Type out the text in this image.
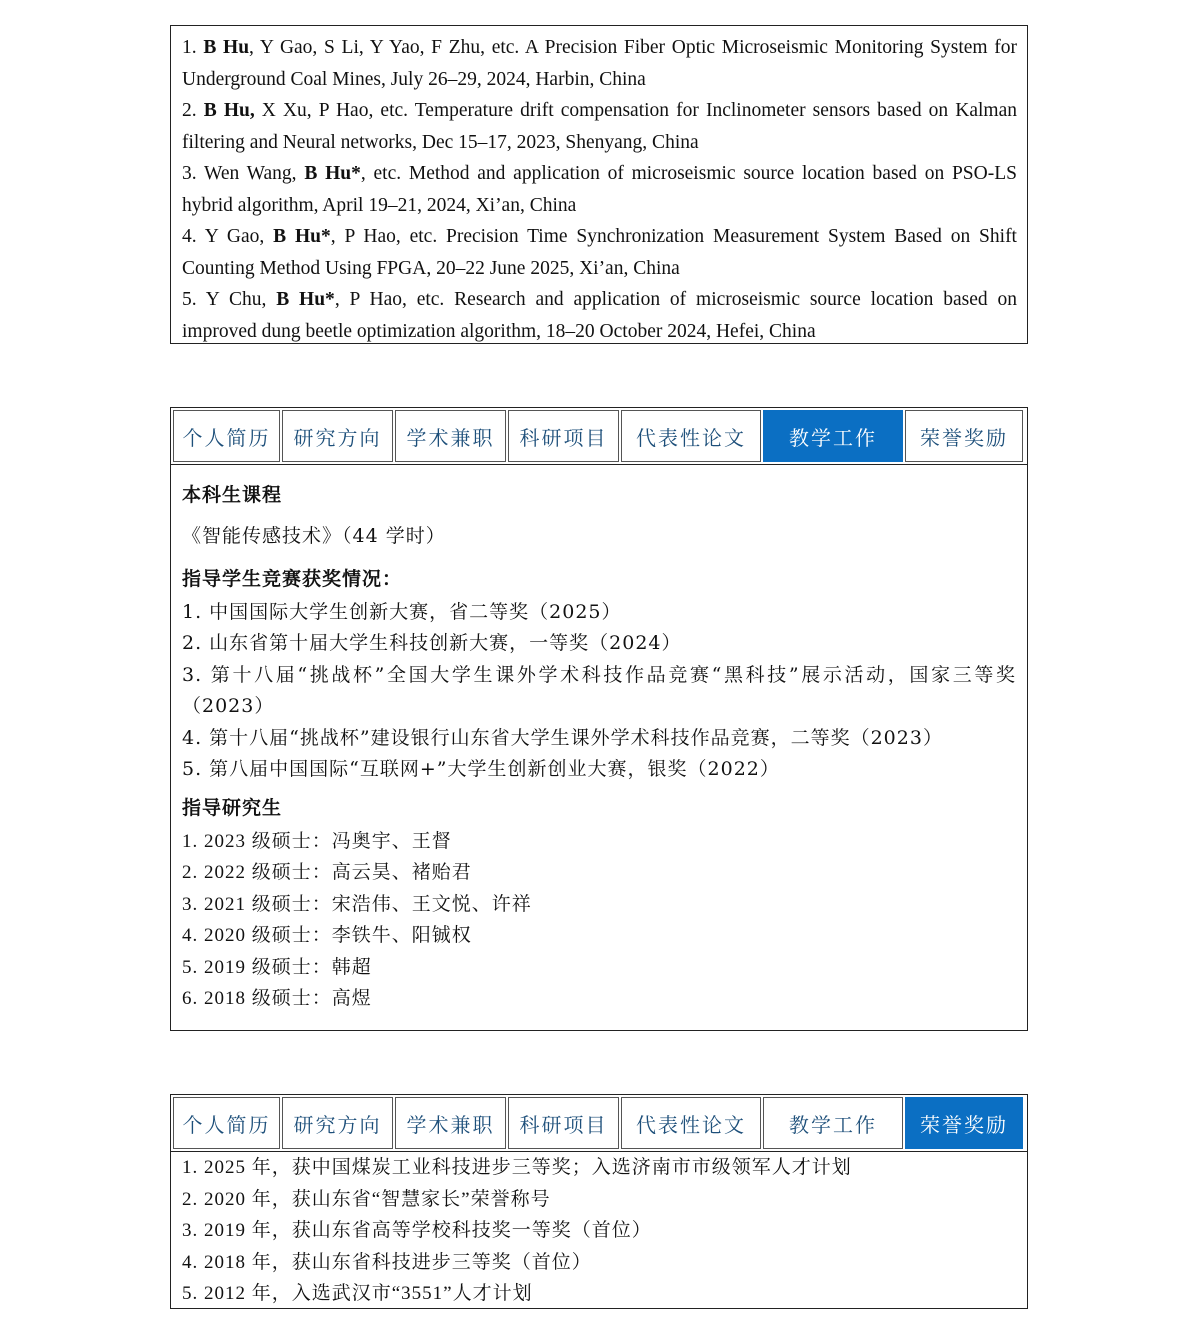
1. B Hu, Y Gao, S Li, Y Yao, F Zhu, etc. A Precision Fiber Optic Microseismic Monitoring System for Underground Coal Mines, July 26–29, 2024, Harbin, China

2. B Hu, X Xu, P Hao, etc. Temperature drift compensation for Inclinometer sensors based on Kalman filtering and Neural networks, Dec 15–17, 2023, Shenyang, China

3. Wen Wang, B Hu*, etc. Method and application of microseismic source location based on PSO-LS hybrid algorithm, April 19–21, 2024, Xi’an, China

4. Y Gao, B Hu*, P Hao, etc. Precision Time Synchronization Measurement System Based on Shift Counting Method Using FPGA, 20–22 June 2025, Xi’an, China

5. Y Chu, B Hu*, P Hao, etc. Research and application of microseismic source location based on improved dung beetle optimization algorithm, 18–20 October 2024, Hefei, China

个人简历	研究方向	学术兼职	科研项目	代表性论文	教学工作	荣誉奖励

本科生课程

《智能传感技术》（44 学时）

指导学生竞赛获奖情况：

1. 中国国际大学生创新大赛，省二等奖（2025）

2. 山东省第十届大学生科技创新大赛，一等奖（2024）

3. 第十八届“挑战杯”全国大学生课外学术科技作品竞赛“黑科技”展示活动，国家三等奖（2023）

4. 第十八届“挑战杯”建设银行山东省大学生课外学术科技作品竞赛，二等奖（2023）

5. 第八届中国国际“互联网+”大学生创新创业大赛，银奖（2022）

指导研究生

1. 2023 级硕士：冯奥宇、王督

2. 2022 级硕士：高云昊、褚贻君

3. 2021 级硕士：宋浩伟、王文悦、许祥

4. 2020 级硕士：李铁牛、阳铖权

5. 2019 级硕士：韩超

6. 2018 级硕士：高煜

个人简历	研究方向	学术兼职	科研项目	代表性论文	教学工作	荣誉奖励

1. 2025 年，获中国煤炭工业科技进步三等奖；入选济南市市级领军人才计划

2. 2020 年，获山东省“智慧家长”荣誉称号

3. 2019 年，获山东省高等学校科技奖一等奖（首位）

4. 2018 年，获山东省科技进步三等奖（首位）

5. 2012 年，入选武汉市“3551”人才计划
